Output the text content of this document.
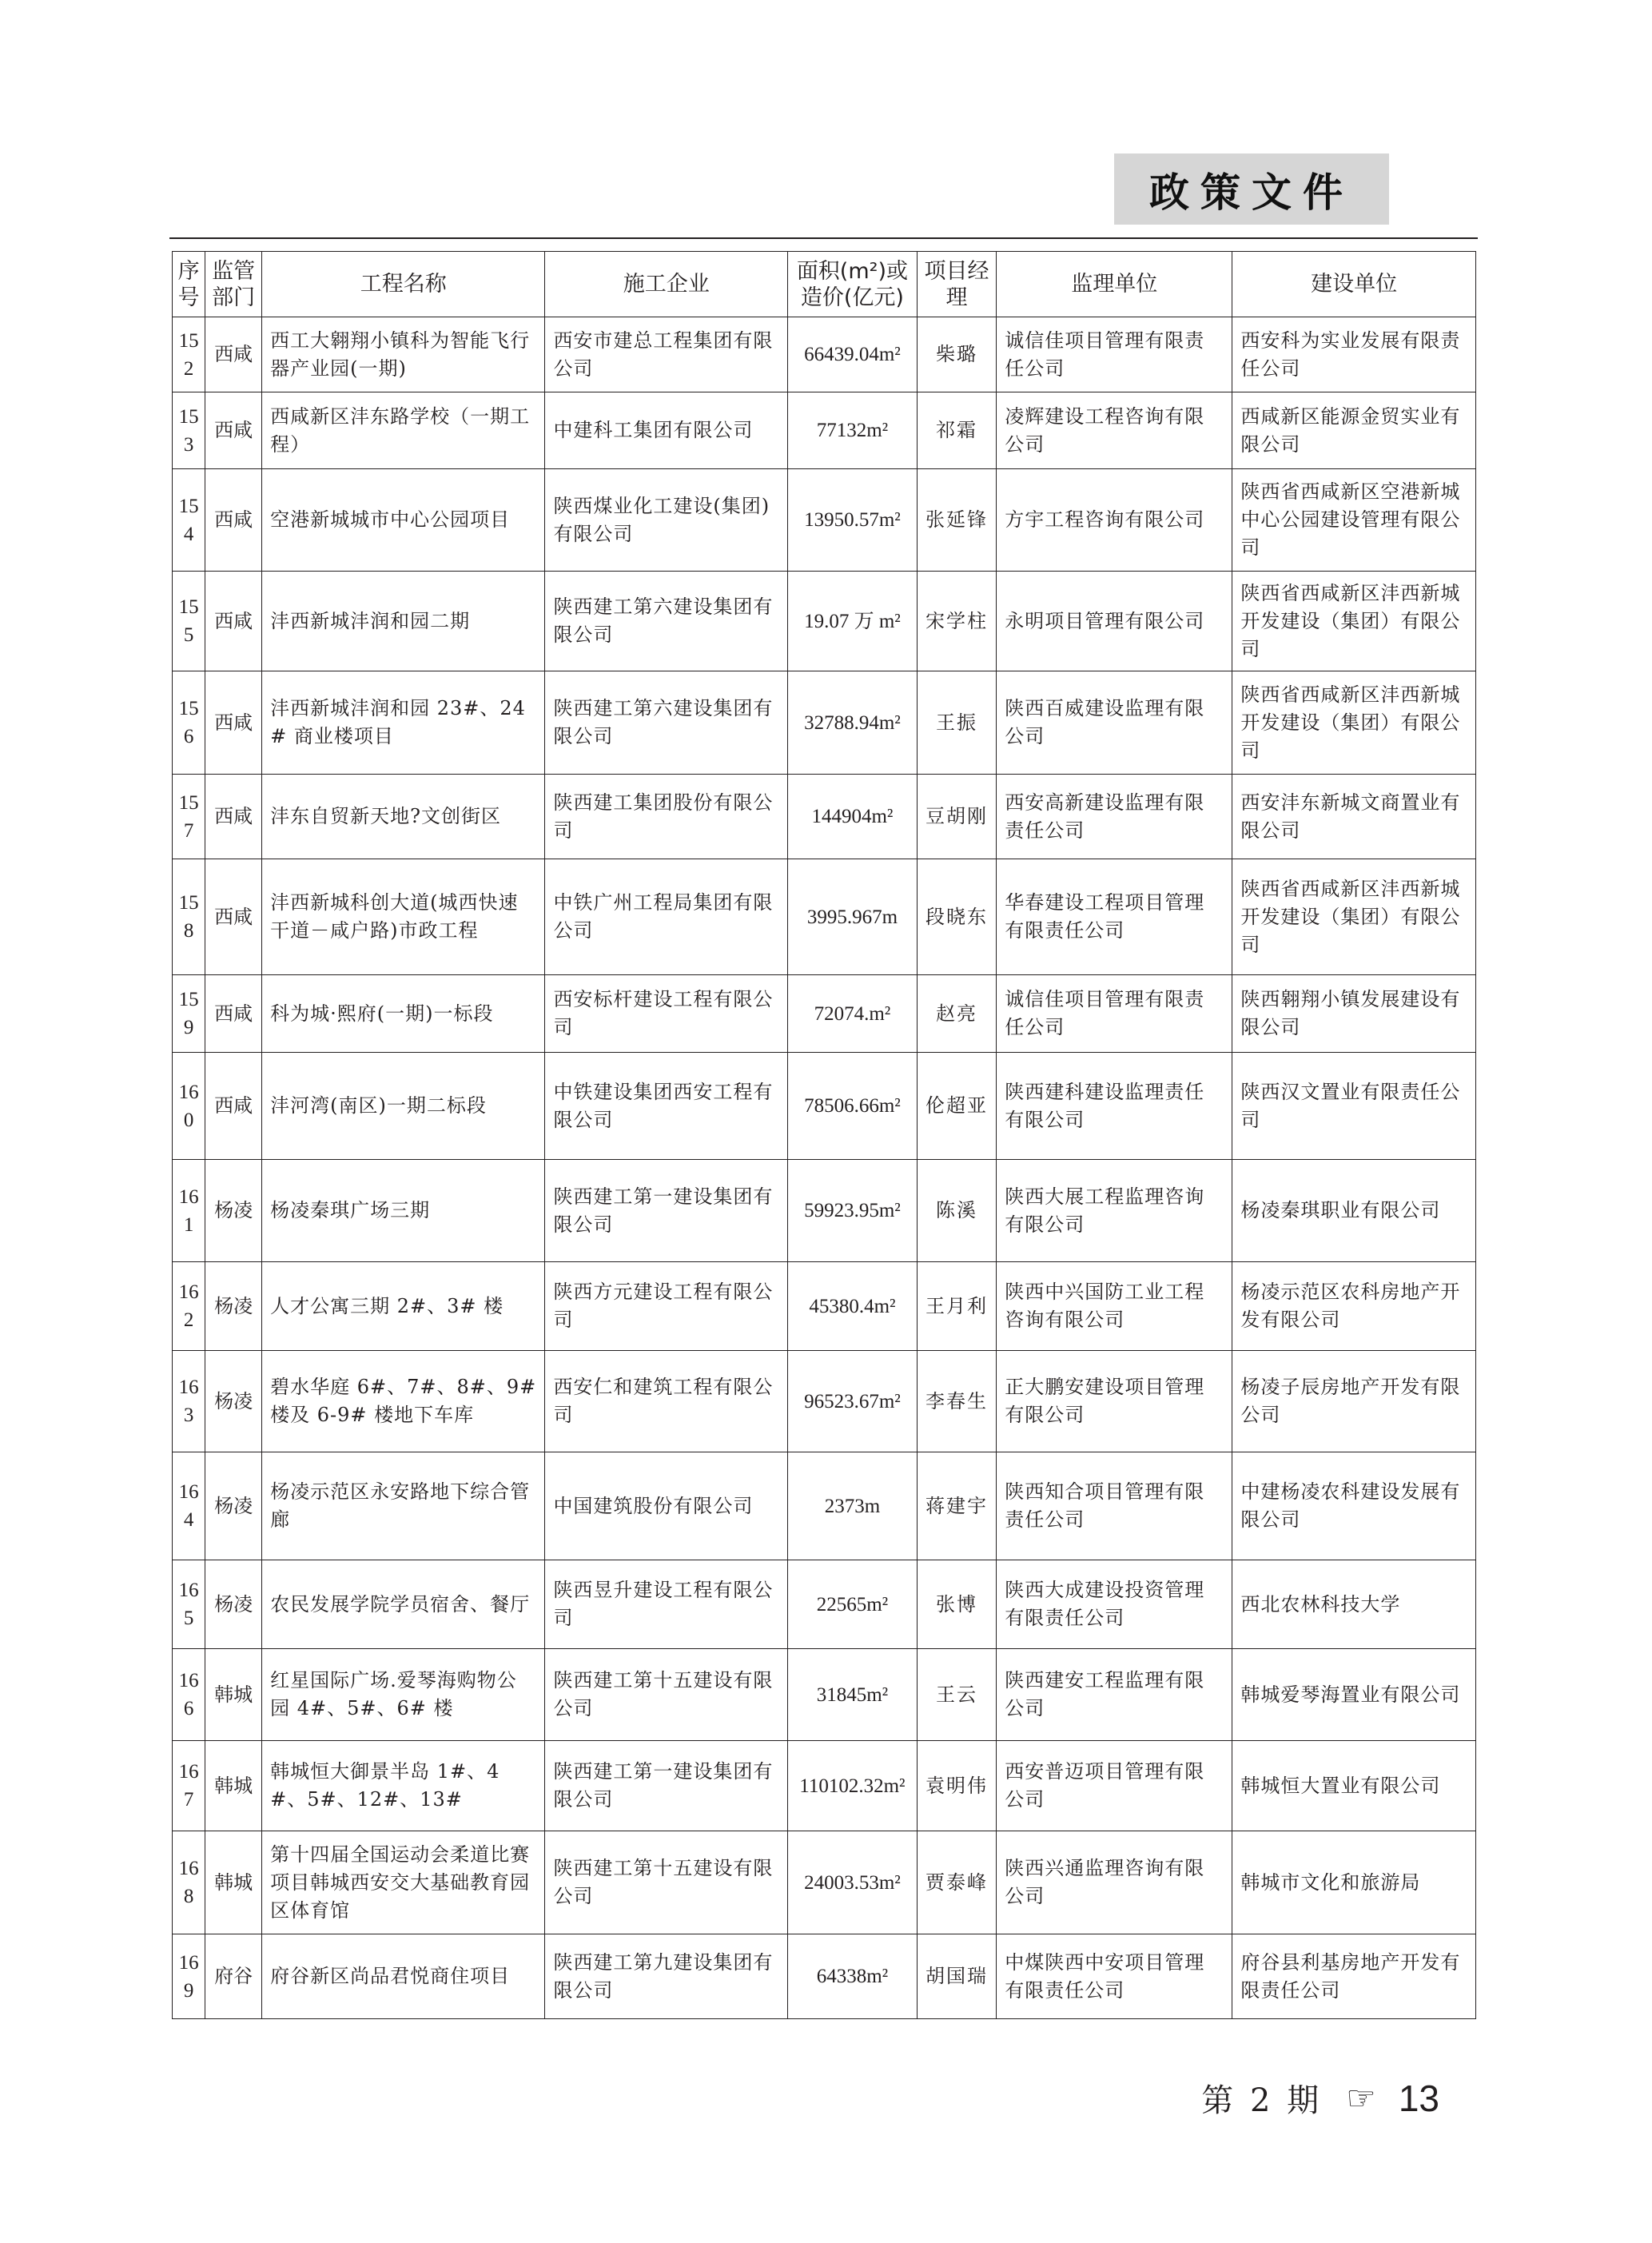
政策文件
序号	监管部门	工程名称	施工企业	面积(m²)或造价(亿元)	项目经理	监理单位	建设单位
152	西咸	西工大翱翔小镇科为智能飞行器产业园(一期)	西安市建总工程集团有限公司	66439.04m²	柴璐	诚信佳项目管理有限责任公司	西安科为实业发展有限责任公司
153	西咸	西咸新区沣东路学校（一期工程）	中建科工集团有限公司	77132m²	祁霜	凌辉建设工程咨询有限公司	西咸新区能源金贸实业有限公司
154	西咸	空港新城城市中心公园项目	陕西煤业化工建设(集团)有限公司	13950.57m²	张延锋	方宇工程咨询有限公司	陕西省西咸新区空港新城中心公园建设管理有限公司
155	西咸	沣西新城沣润和园二期	陕西建工第六建设集团有限公司	19.07 万 m²	宋学柱	永明项目管理有限公司	陕西省西咸新区沣西新城开发建设（集团）有限公司
156	西咸	沣西新城沣润和园 23#、24# 商业楼项目	陕西建工第六建设集团有限公司	32788.94m²	王振	陕西百威建设监理有限公司	陕西省西咸新区沣西新城开发建设（集团）有限公司
157	西咸	沣东自贸新天地?文创街区	陕西建工集团股份有限公司	144904m²	豆胡刚	西安高新建设监理有限责任公司	西安沣东新城文商置业有限公司
158	西咸	沣西新城科创大道(城西快速干道－咸户路)市政工程	中铁广州工程局集团有限公司	3995.967m	段晓东	华春建设工程项目管理有限责任公司	陕西省西咸新区沣西新城开发建设（集团）有限公司
159	西咸	科为城·熙府(一期)一标段	西安标杆建设工程有限公司	72074.m²	赵亮	诚信佳项目管理有限责任公司	陕西翱翔小镇发展建设有限公司
160	西咸	沣河湾(南区)一期二标段	中铁建设集团西安工程有限公司	78506.66m²	伦超亚	陕西建科建设监理责任有限公司	陕西汉文置业有限责任公司
161	杨凌	杨凌秦琪广场三期	陕西建工第一建设集团有限公司	59923.95m²	陈溪	陕西大展工程监理咨询有限公司	杨凌秦琪职业有限公司
162	杨凌	人才公寓三期 2#、3# 楼	陕西方元建设工程有限公司	45380.4m²	王月利	陕西中兴国防工业工程咨询有限公司	杨凌示范区农科房地产开发有限公司
163	杨凌	碧水华庭 6#、7#、8#、9# 楼及 6-9# 楼地下车库	西安仁和建筑工程有限公司	96523.67m²	李春生	正大鹏安建设项目管理有限公司	杨凌子辰房地产开发有限公司
164	杨凌	杨凌示范区永安路地下综合管廊	中国建筑股份有限公司	2373m	蒋建宇	陕西知合项目管理有限责任公司	中建杨凌农科建设发展有限公司
165	杨凌	农民发展学院学员宿舍、餐厅	陕西昱升建设工程有限公司	22565m²	张博	陕西大成建设投资管理有限责任公司	西北农林科技大学
166	韩城	红星国际广场.爱琴海购物公园 4#、5#、6# 楼	陕西建工第十五建设有限公司	31845m²	王云	陕西建安工程监理有限公司	韩城爱琴海置业有限公司
167	韩城	韩城恒大御景半岛 1#、4#、5#、12#、13#	陕西建工第一建设集团有限公司	110102.32m²	袁明伟	西安普迈项目管理有限公司	韩城恒大置业有限公司
168	韩城	第十四届全国运动会柔道比赛项目韩城西安交大基础教育园区体育馆	陕西建工第十五建设有限公司	24003.53m²	贾泰峰	陕西兴通监理咨询有限公司	韩城市文化和旅游局
169	府谷	府谷新区尚品君悦商住项目	陕西建工第九建设集团有限公司	64338m²	胡国瑞	中煤陕西中安项目管理有限责任公司	府谷县利基房地产开发有限责任公司
第 2 期 ☞ 13
